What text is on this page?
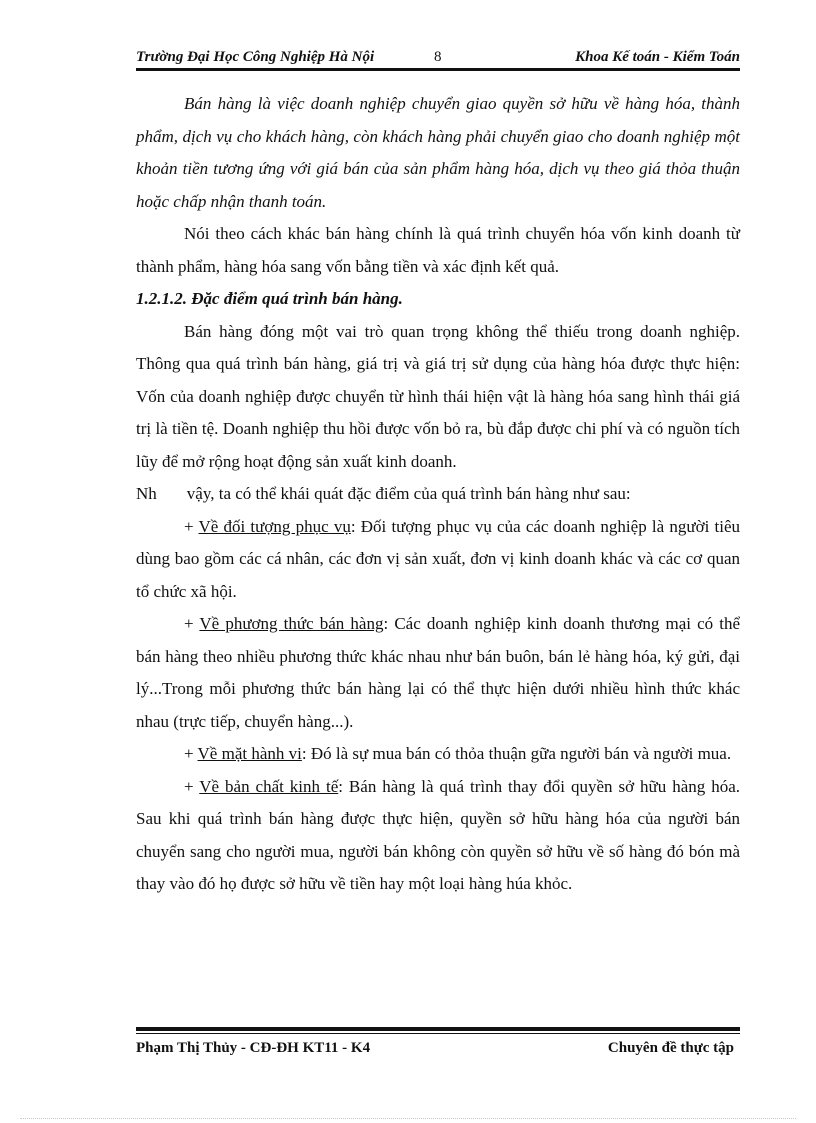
Trường Đại Học Công Nghiệp Hà Nội	8	Khoa Kế toán - Kiểm Toán

Bán hàng là việc doanh nghiệp chuyển giao quyền sở hữu về hàng hóa, thành phẩm, dịch vụ cho khách hàng, còn khách hàng phải chuyển giao cho doanh nghiệp một khoản tiền tương ứng với giá bán của sản phẩm hàng hóa, dịch vụ theo giá thỏa thuận hoặc chấp nhận thanh toán.

Nói theo cách khác bán hàng chính là quá trình chuyển hóa vốn kinh doanh từ thành phẩm, hàng hóa sang vốn bằng tiền và xác định kết quả.

1.2.1.2. Đặc điểm quá trình bán hàng.

Bán hàng đóng một vai trò quan trọng không thể thiếu trong doanh nghiệp. Thông qua quá trình bán hàng, giá trị và giá trị sử dụng của hàng hóa được thực hiện: Vốn của doanh nghiệp được chuyển từ hình thái hiện vật là hàng hóa sang hình thái giá trị là tiền tệ. Doanh nghiệp thu hồi được vốn bỏ ra, bù đắp được chi phí và có nguồn tích lũy để mở rộng hoạt động sản xuất kinh doanh.

Nh vậy, ta có thể khái quát đặc điểm của quá trình bán hàng như sau:

+ Về đối tượng phục vụ: Đối tượng phục vụ của các doanh nghiệp là người tiêu dùng bao gồm các cá nhân, các đơn vị sản xuất, đơn vị kinh doanh khác và các cơ quan tổ chức xã hội.

+ Về phương thức bán hàng: Các doanh nghiệp kinh doanh thương mại có thể bán hàng theo nhiều phương thức khác nhau như bán buôn, bán lẻ hàng hóa, ký gửi, đại lý...Trong mỗi phương thức bán hàng lại có thể thực hiện dưới nhiều hình thức khác nhau (trực tiếp, chuyển hàng...).

+ Về mặt hành vi: Đó là sự mua bán có thỏa thuận gữa người bán và người mua.

+ Về bản chất kinh tế: Bán hàng là quá trình thay đổi quyền sở hữu hàng hóa. Sau khi quá trình bán hàng được thực hiện, quyền sở hữu hàng hóa của người bán chuyển sang cho người mua, người bán không còn quyền sở hữu về số hàng đó bón mà thay vào đó họ được sở hữu về tiền hay một loại hàng húa khỏc.

Phạm Thị Thủy - CĐ-ĐH KT11 - K4	Chuyên đề thực tập
